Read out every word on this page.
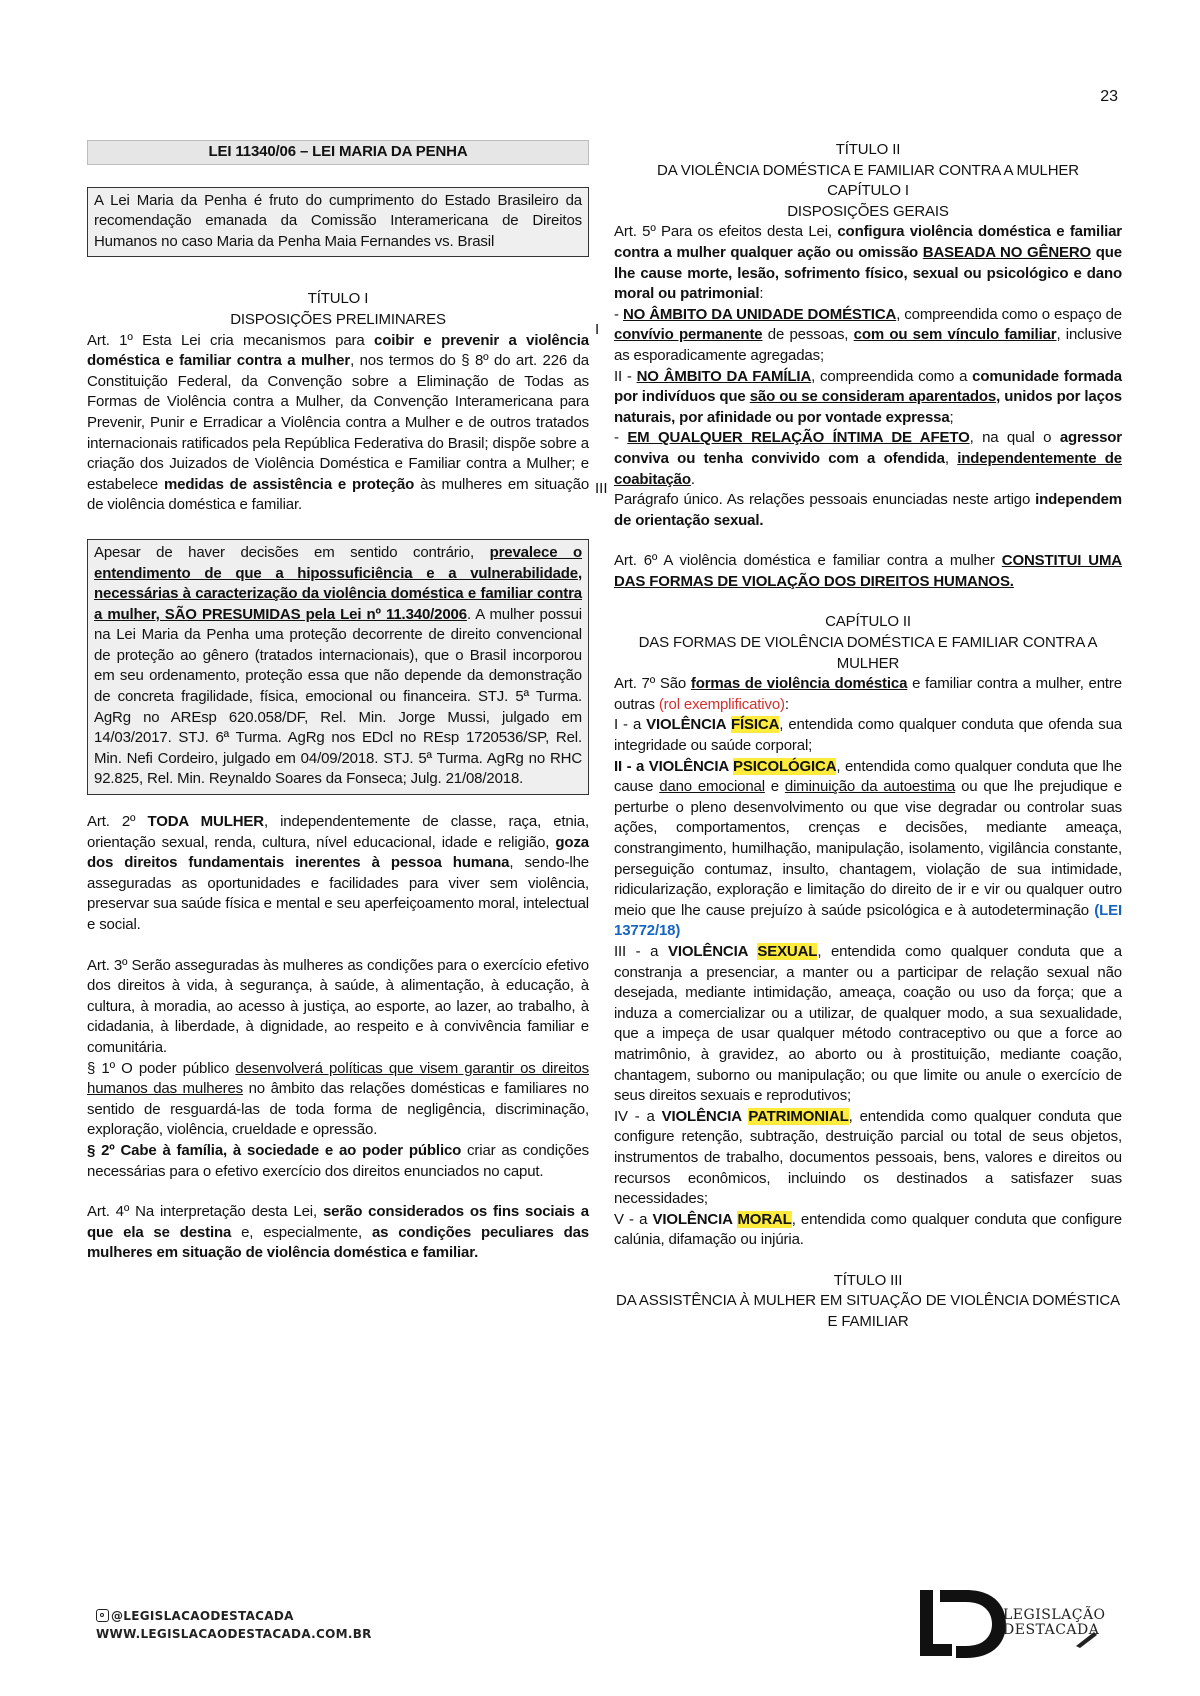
23
LEI 11340/06 – LEI MARIA DA PENHA

A Lei Maria da Penha é fruto do cumprimento do Estado Brasileiro da recomendação emanada da Comissão Interamericana de Direitos Humanos no caso Maria da Penha Maia Fernandes vs. Brasil

TÍTULO I

DISPOSIÇÕES PRELIMINARES

Art. 1º Esta Lei cria mecanismos para coibir e prevenir a violência doméstica e familiar contra a mulher, nos termos do § 8º do art. 226 da Constituição Federal, da Convenção sobre a Eliminação de Todas as Formas de Violência contra a Mulher, da Convenção Interamericana para Prevenir, Punir e Erradicar a Violência contra a Mulher e de outros tratados internacionais ratificados pela República Federativa do Brasil; dispõe sobre a criação dos Juizados de Violência Doméstica e Familiar contra a Mulher; e estabelece medidas de assistência e proteção às mulheres em situação de violência doméstica e familiar.

Apesar de haver decisões em sentido contrário, prevalece o entendimento de que a hipossuficiência e a vulnerabilidade, necessárias à caracterização da violência doméstica e familiar contra a mulher, SÃO PRESUMIDAS pela Lei nº 11.340/2006. A mulher possui na Lei Maria da Penha uma proteção decorrente de direito convencional de proteção ao gênero (tratados internacionais), que o Brasil incorporou em seu ordenamento, proteção essa que não depende da demonstração de concreta fragilidade, física, emocional ou financeira. STJ. 5ª Turma. AgRg no AREsp 620.058/DF, Rel. Min. Jorge Mussi, julgado em 14/03/2017. STJ. 6ª Turma. AgRg nos EDcl no REsp 1720536/SP, Rel. Min. Nefi Cordeiro, julgado em 04/09/2018. STJ. 5ª Turma. AgRg no RHC 92.825, Rel. Min. Reynaldo Soares da Fonseca; Julg. 21/08/2018.

Art. 2º TODA MULHER, independentemente de classe, raça, etnia, orientação sexual, renda, cultura, nível educacional, idade e religião, goza dos direitos fundamentais inerentes à pessoa humana, sendo-lhe asseguradas as oportunidades e facilidades para viver sem violência, preservar sua saúde física e mental e seu aperfeiçoamento moral, intelectual e social.

Art. 3º Serão asseguradas às mulheres as condições para o exercício efetivo dos direitos à vida, à segurança, à saúde, à alimentação, à educação, à cultura, à moradia, ao acesso à justiça, ao esporte, ao lazer, ao trabalho, à cidadania, à liberdade, à dignidade, ao respeito e à convivência familiar e comunitária.

§ 1º O poder público desenvolverá políticas que visem garantir os direitos humanos das mulheres no âmbito das relações domésticas e familiares no sentido de resguardá-las de toda forma de negligência, discriminação, exploração, violência, crueldade e opressão.

§ 2º Cabe à família, à sociedade e ao poder público criar as condições necessárias para o efetivo exercício dos direitos enunciados no caput.

Art. 4º Na interpretação desta Lei, serão considerados os fins sociais a que ela se destina e, especialmente, as condições peculiares das mulheres em situação de violência doméstica e familiar.

I
III

TÍTULO II

DA VIOLÊNCIA DOMÉSTICA E FAMILIAR CONTRA A MULHER

CAPÍTULO I

DISPOSIÇÕES GERAIS

Art. 5º Para os efeitos desta Lei, configura violência doméstica e familiar contra a mulher qualquer ação ou omissão BASEADA NO GÊNERO que lhe cause morte, lesão, sofrimento físico, sexual ou psicológico e dano moral ou patrimonial:

- NO ÂMBITO DA UNIDADE DOMÉSTICA, compreendida como o espaço de convívio permanente de pessoas, com ou sem vínculo familiar, inclusive as esporadicamente agregadas;

II - NO ÂMBITO DA FAMÍLIA, compreendida como a comunidade formada por indivíduos que são ou se consideram aparentados, unidos por laços naturais, por afinidade ou por vontade expressa;

- EM QUALQUER RELAÇÃO ÍNTIMA DE AFETO, na qual o agressor conviva ou tenha convivido com a ofendida, independentemente de coabitação.

Parágrafo único. As relações pessoais enunciadas neste artigo independem de orientação sexual.

Art. 6º A violência doméstica e familiar contra a mulher CONSTITUI UMA DAS FORMAS DE VIOLAÇÃO DOS DIREITOS HUMANOS.

CAPÍTULO II

DAS FORMAS DE VIOLÊNCIA DOMÉSTICA E FAMILIAR CONTRA A MULHER

Art. 7º São formas de violência doméstica e familiar contra a mulher, entre outras (rol exemplificativo):

I - a VIOLÊNCIA FÍSICA, entendida como qualquer conduta que ofenda sua integridade ou saúde corporal;

II - a VIOLÊNCIA PSICOLÓGICA, entendida como qualquer conduta que lhe cause dano emocional e diminuição da autoestima ou que lhe prejudique e perturbe o pleno desenvolvimento ou que vise degradar ou controlar suas ações, comportamentos, crenças e decisões, mediante ameaça, constrangimento, humilhação, manipulação, isolamento, vigilância constante, perseguição contumaz, insulto, chantagem, violação de sua intimidade, ridicularização, exploração e limitação do direito de ir e vir ou qualquer outro meio que lhe cause prejuízo à saúde psicológica e à autodeterminação (LEI 13772/18)

III - a VIOLÊNCIA SEXUAL, entendida como qualquer conduta que a constranja a presenciar, a manter ou a participar de relação sexual não desejada, mediante intimidação, ameaça, coação ou uso da força; que a induza a comercializar ou a utilizar, de qualquer modo, a sua sexualidade, que a impeça de usar qualquer método contraceptivo ou que a force ao matrimônio, à gravidez, ao aborto ou à prostituição, mediante coação, chantagem, suborno ou manipulação; ou que limite ou anule o exercício de seus direitos sexuais e reprodutivos;

IV - a VIOLÊNCIA PATRIMONIAL, entendida como qualquer conduta que configure retenção, subtração, destruição parcial ou total de seus objetos, instrumentos de trabalho, documentos pessoais, bens, valores e direitos ou recursos econômicos, incluindo os destinados a satisfazer suas necessidades;

V - a VIOLÊNCIA MORAL, entendida como qualquer conduta que configure calúnia, difamação ou injúria.

TÍTULO III

DA ASSISTÊNCIA À MULHER EM SITUAÇÃO DE VIOLÊNCIA DOMÉSTICA E FAMILIAR

@LEGISLACAODESTACADA
WWW.LEGISLACAODESTACADA.COM.BR
LEGISLAÇÃO
DESTACADA
